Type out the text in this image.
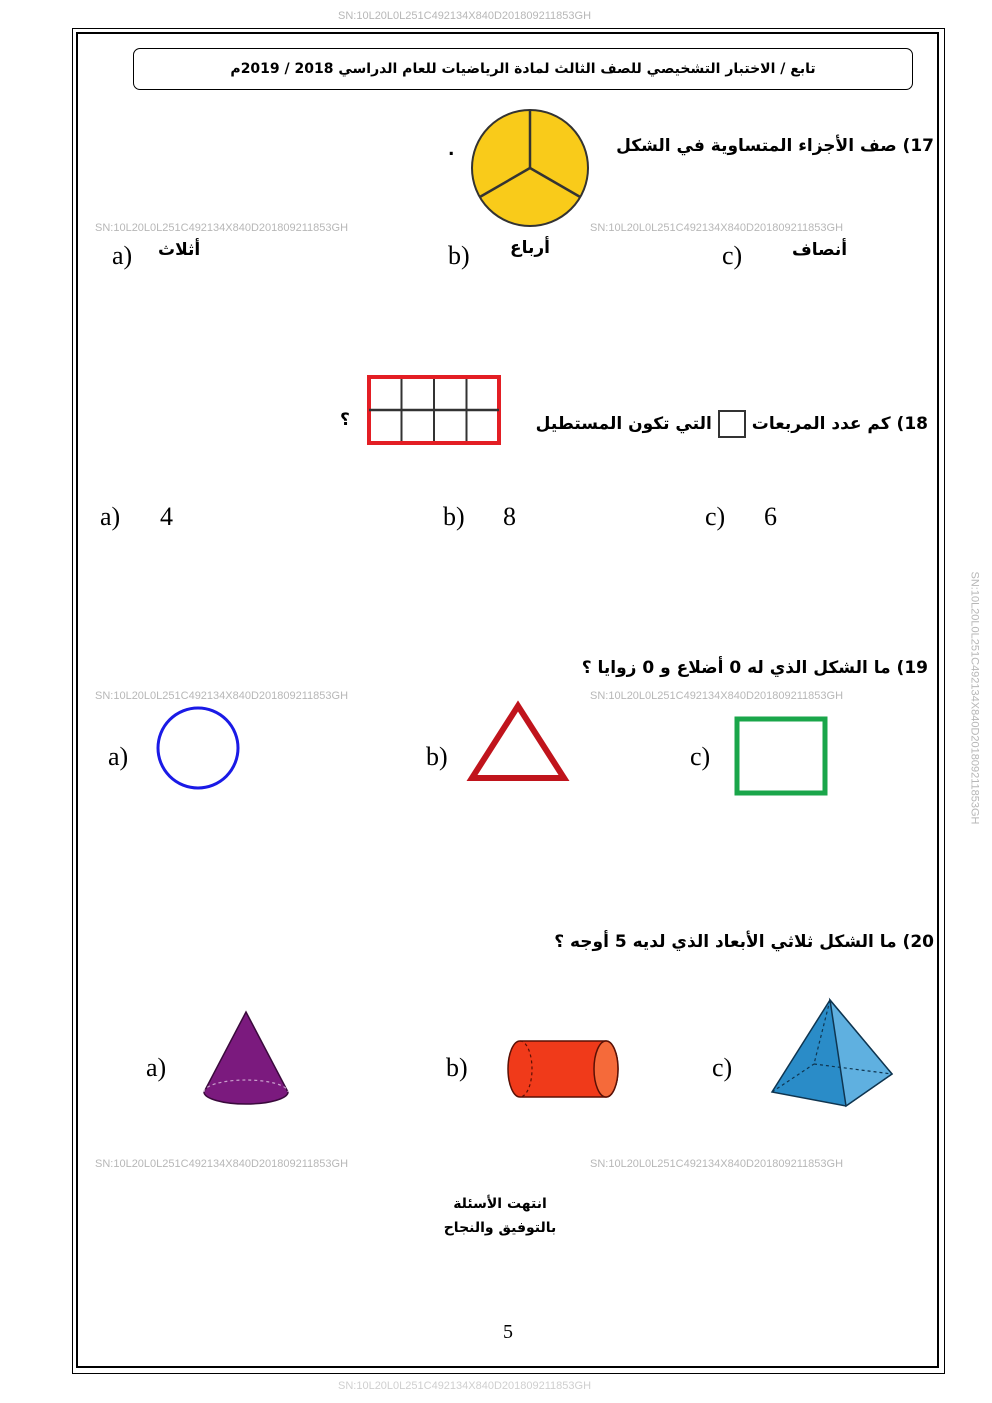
SN:10L20L0L251C492134X840D201809211853GH
SN:10L20L0L251C492134X840D201809211853GH	SN:10L20L0L251C492134X840D201809211853GH
SN:10L20L0L251C492134X840D201809211853GH	SN:10L20L0L251C492134X840D201809211853GH
SN:10L20L0L251C492134X840D201809211853GH	SN:10L20L0L251C492134X840D201809211853GH
SN:10L20L0L251C492134X840D201809211853GH
SN:10L20L0L251C492134X840D201809211853GH
تابع / الاختبار التشخيصي للصف الثالث لمادة الرياضيات للعام الدراسي 2018 / 2019م
17) صف الأجزاء المتساوية في الشكل
.
a) أثلاث	b) أرباع	c)	أنصاف
18) كم عدد المربعات
التي تكون المستطيل
؟
a) 4	b) 8	c) 6
19) ما الشكل الذي له 0 أضلاع و 0 زوايا ؟
a)	b)	c)
20) ما الشكل ثلاثي الأبعاد الذي لديه 5 أوجه ؟
a)	b)	c)
انتهت الأسئلة
بالتوفيق والنجاح
5
